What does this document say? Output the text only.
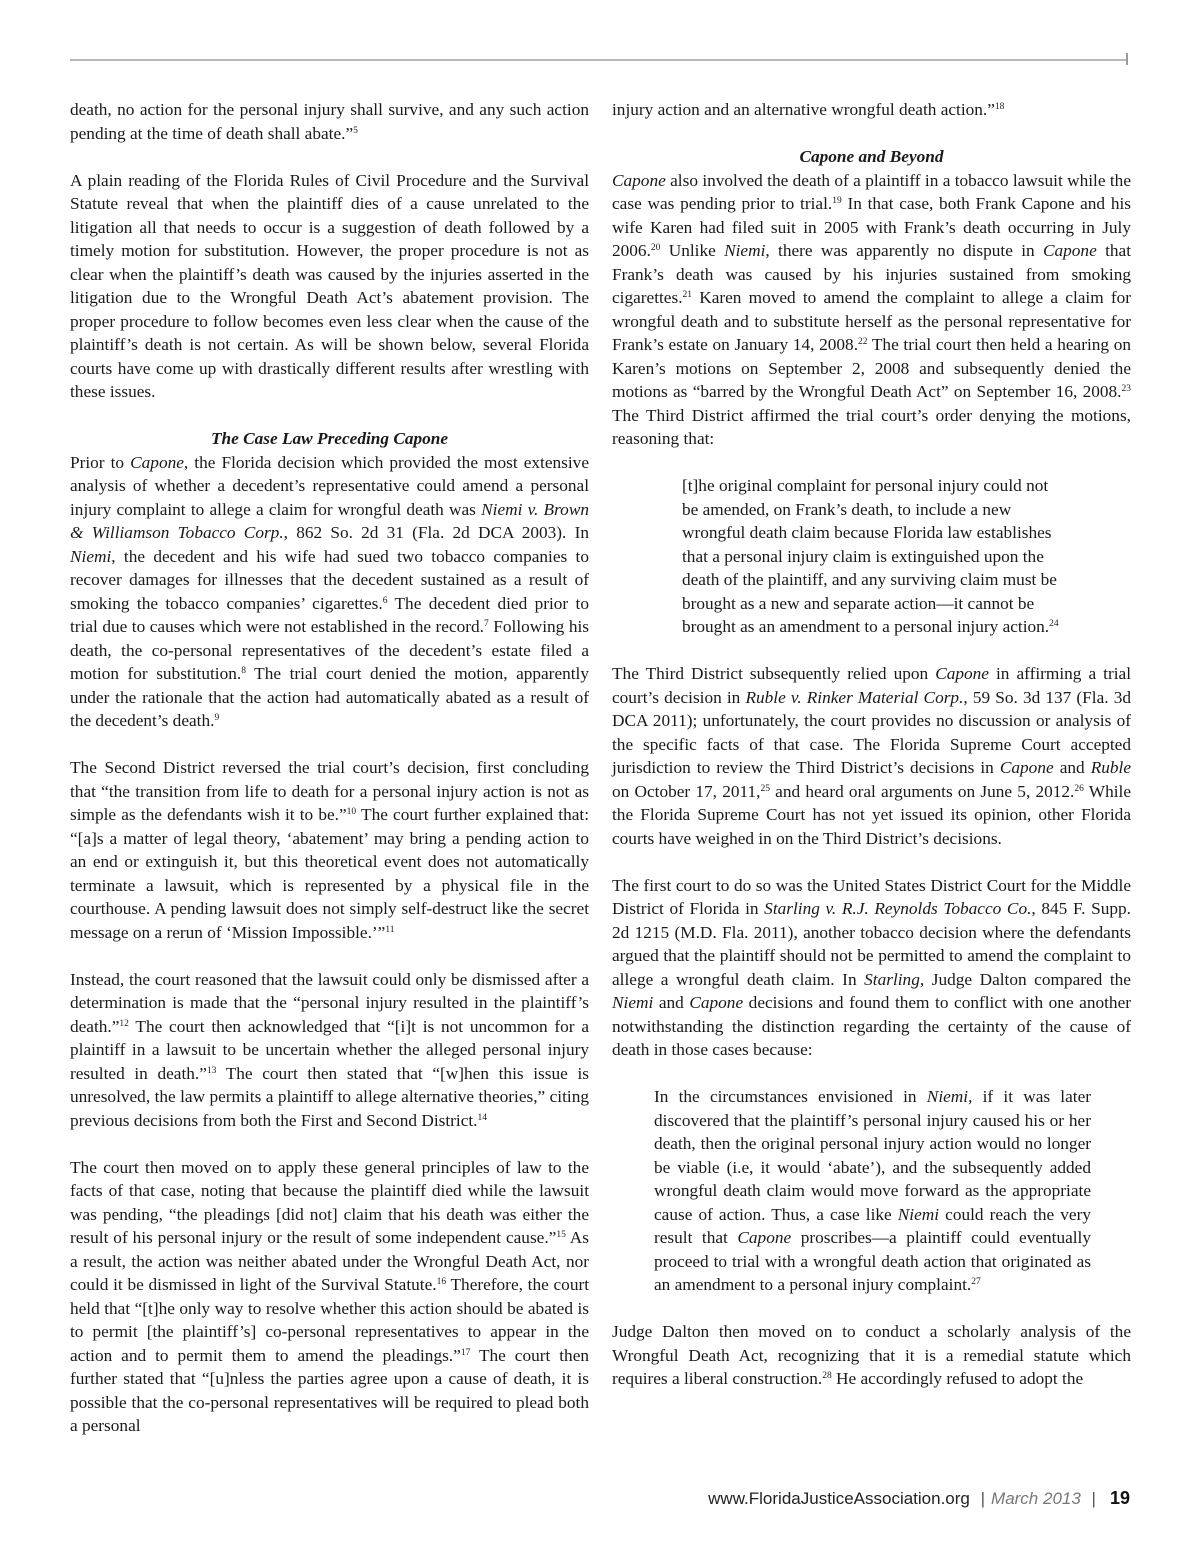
death, no action for the personal injury shall survive, and any such action pending at the time of death shall abate.”$^5$

A plain reading of the Florida Rules of Civil Procedure and the Survival Statute reveal that when the plaintiff dies of a cause unrelated to the litigation all that needs to occur is a suggestion of death followed by a timely motion for substitution. However, the proper procedure is not as clear when the plaintiff’s death was caused by the injuries asserted in the litigation due to the Wrongful Death Act’s abatement provision. The proper procedure to follow becomes even less clear when the cause of the plaintiff’s death is not certain. As will be shown below, several Florida courts have come up with drastically different results after wrestling with these issues.

The Case Law Preceding Capone

Prior to Capone, the Florida decision which provided the most extensive analysis of whether a decedent’s representative could amend a personal injury complaint to allege a claim for wrongful death was Niemi v. Brown & Williamson Tobacco Corp., 862 So. 2d 31 (Fla. 2d DCA 2003). In Niemi, the decedent and his wife had sued two tobacco companies to recover damages for illnesses that the decedent sustained as a result of smoking the tobacco companies’ cigarettes.$^6$ The decedent died prior to trial due to causes which were not established in the record.$^7$ Following his death, the co-personal representatives of the decedent’s estate filed a motion for substitution.$^8$ The trial court denied the motion, apparently under the rationale that the action had automatically abated as a result of the decedent’s death.$^9$

The Second District reversed the trial court’s decision, first concluding that “the transition from life to death for a personal injury action is not as simple as the defendants wish it to be.”$^{10}$ The court further explained that: “[a]s a matter of legal theory, ‘abatement’ may bring a pending action to an end or extinguish it, but this theoretical event does not automatically terminate a lawsuit, which is represented by a physical file in the courthouse. A pending lawsuit does not simply self-destruct like the secret message on a rerun of ‘Mission Impossible.’”$^{11}$

Instead, the court reasoned that the lawsuit could only be dismissed after a determination is made that the “personal injury resulted in the plaintiff’s death.”$^{12}$ The court then acknowledged that “[i]t is not uncommon for a plaintiff in a lawsuit to be uncertain whether the alleged personal injury resulted in death.”$^{13}$ The court then stated that “[w]hen this issue is unresolved, the law permits a plaintiff to allege alternative theories,” citing previous decisions from both the First and Second District.$^{14}$

The court then moved on to apply these general principles of law to the facts of that case, noting that because the plaintiff died while the lawsuit was pending, “the pleadings [did not] claim that his death was either the result of his personal injury or the result of some independent cause.”$^{15}$ As a result, the action was neither abated under the Wrongful Death Act, nor could it be dismissed in light of the Survival Statute.$^{16}$ Therefore, the court held that “[t]he only way to resolve whether this action should be abated is to permit [the plaintiff’s] co-personal representatives to appear in the action and to permit them to amend the pleadings.”$^{17}$ The court then further stated that “[u]nless the parties agree upon a cause of death, it is possible that the co-personal representatives will be required to plead both a personal

injury action and an alternative wrongful death action.”$^{18}$

Capone and Beyond

Capone also involved the death of a plaintiff in a tobacco lawsuit while the case was pending prior to trial.$^{19}$ In that case, both Frank Capone and his wife Karen had filed suit in 2005 with Frank’s death occurring in July 2006.20 Unlike Niemi, there was apparently no dispute in Capone that Frank’s death was caused by his injuries sustained from smoking cigarettes.$^{21}$ Karen moved to amend the complaint to allege a claim for wrongful death and to substitute herself as the personal representative for Frank’s estate on January 14, 2008.22 The trial court then held a hearing on Karen’s motions on September 2, 2008 and subsequently denied the motions as “barred by the Wrongful Death Act” on September 16, 2008.23 The Third District affirmed the trial court’s order denying the motions, reasoning that:

[t]he original complaint for personal injury could not be amended, on Frank’s death, to include a new wrongful death claim because Florida law establishes that a personal injury claim is extinguished upon the death of the plaintiff, and any surviving claim must be brought as a new and separate action—it cannot be brought as an amendment to a personal injury action.$^{24}$

The Third District subsequently relied upon Capone in affirming a trial court’s decision in Ruble v. Rinker Material Corp., 59 So. 3d 137 (Fla. 3d DCA 2011); unfortunately, the court provides no discussion or analysis of the specific facts of that case. The Florida Supreme Court accepted jurisdiction to review the Third District’s decisions in Capone and Ruble on October 17, 2011,25 and heard oral arguments on June 5, 2012.26 While the Florida Supreme Court has not yet issued its opinion, other Florida courts have weighed in on the Third District’s decisions.

The first court to do so was the United States District Court for the Middle District of Florida in Starling v. R.J. Reynolds Tobacco Co., 845 F. Supp. 2d 1215 (M.D. Fla. 2011), another tobacco decision where the defendants argued that the plaintiff should not be permitted to amend the complaint to allege a wrongful death claim. In Starling, Judge Dalton compared the Niemi and Capone decisions and found them to conflict with one another notwithstanding the distinction regarding the certainty of the cause of death in those cases because:

In the circumstances envisioned in Niemi, if it was later discovered that the plaintiff’s personal injury caused his or her death, then the original personal injury action would no longer be viable (i.e, it would ‘abate’), and the subsequently added wrongful death claim would move forward as the appropriate cause of action. Thus, a case like Niemi could reach the very result that Capone proscribes—a plaintiff could eventually proceed to trial with a wrongful death action that originated as an amendment to a personal injury complaint.$^{27}$

Judge Dalton then moved on to conduct a scholarly analysis of the Wrongful Death Act, recognizing that it is a remedial statute which requires a liberal construction.$^{28}$ He accordingly refused to adopt the

www.FloridaJusticeAssociation.org | March 2013 | 19
